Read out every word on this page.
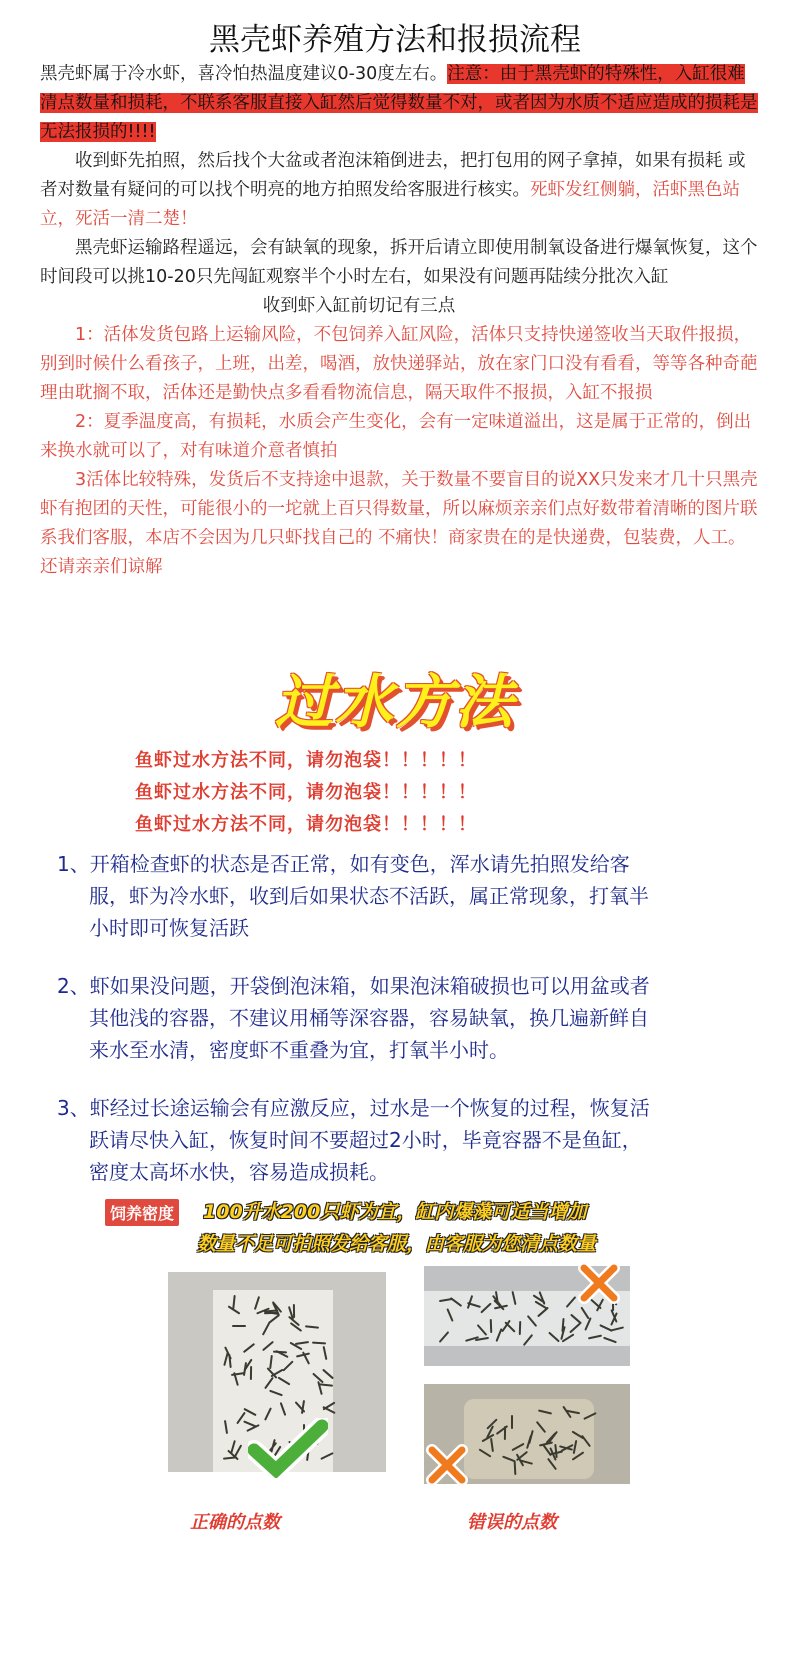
黑壳虾养殖方法和报损流程

黑壳虾属于冷水虾，喜冷怕热温度建议0-30度左右。注意：由于黑壳虾的特殊性，入缸很难清点数量和损耗，不联系客服直接入缸然后觉得数量不对，或者因为水质不适应造成的损耗是无法报损的!!!!

收到虾先拍照，然后找个大盆或者泡沫箱倒进去，把打包用的网子拿掉，如果有损耗 或者对数量有疑问的可以找个明亮的地方拍照发给客服进行核实。死虾发红侧躺，活虾黑色站立，死活一清二楚！

黑壳虾运输路程遥远，会有缺氧的现象，拆开后请立即使用制氧设备进行爆氧恢复，这个时间段可以挑10-20只先闯缸观察半个小时左右，如果没有问题再陆续分批次入缸

收到虾入缸前切记有三点

1：活体发货包路上运输风险，不包饲养入缸风险，活体只支持快递签收当天取件报损，别到时候什么看孩子，上班，出差，喝酒，放快递驿站，放在家门口没有看看，等等各种奇葩理由耽搁不取，活体还是勤快点多看看物流信息，隔天取件不报损，入缸不报损

2：夏季温度高，有损耗，水质会产生变化，会有一定味道溢出，这是属于正常的，倒出来换水就可以了，对有味道介意者慎拍

3活体比较特殊，发货后不支持途中退款，关于数量不要盲目的说XX只发来才几十只黑壳虾有抱团的天性，可能很小的一坨就上百只得数量，所以麻烦亲亲们点好数带着清晰的图片联系我们客服，本店不会因为几只虾找自己的 不痛快！商家贵在的是快递费，包装费，人工。还请亲亲们谅解

过水方法
鱼虾过水方法不同，请勿泡袋！！！！！
鱼虾过水方法不同，请勿泡袋！！！！！
鱼虾过水方法不同，请勿泡袋！！！！！
1、开箱检查虾的状态是否正常，如有变色，浑水请先拍照发给客服，虾为冷水虾，收到后如果状态不活跃，属正常现象，打氧半小时即可恢复活跃
2、虾如果没问题，开袋倒泡沫箱，如果泡沫箱破损也可以用盆或者其他浅的容器，不建议用桶等深容器，容易缺氧，换几遍新鲜自来水至水清，密度虾不重叠为宜，打氧半小时。
3、虾经过长途运输会有应激反应，过水是一个恢复的过程，恢复活跃请尽快入缸，恢复时间不要超过2小时，毕竟容器不是鱼缸，密度太高坏水快，容易造成损耗。
饲养密度 100升水200只虾为宜，缸内爆藻可适当增加
数量不足可拍照发给客服，由客服为您清点数量
正确的点数	错误的点数
